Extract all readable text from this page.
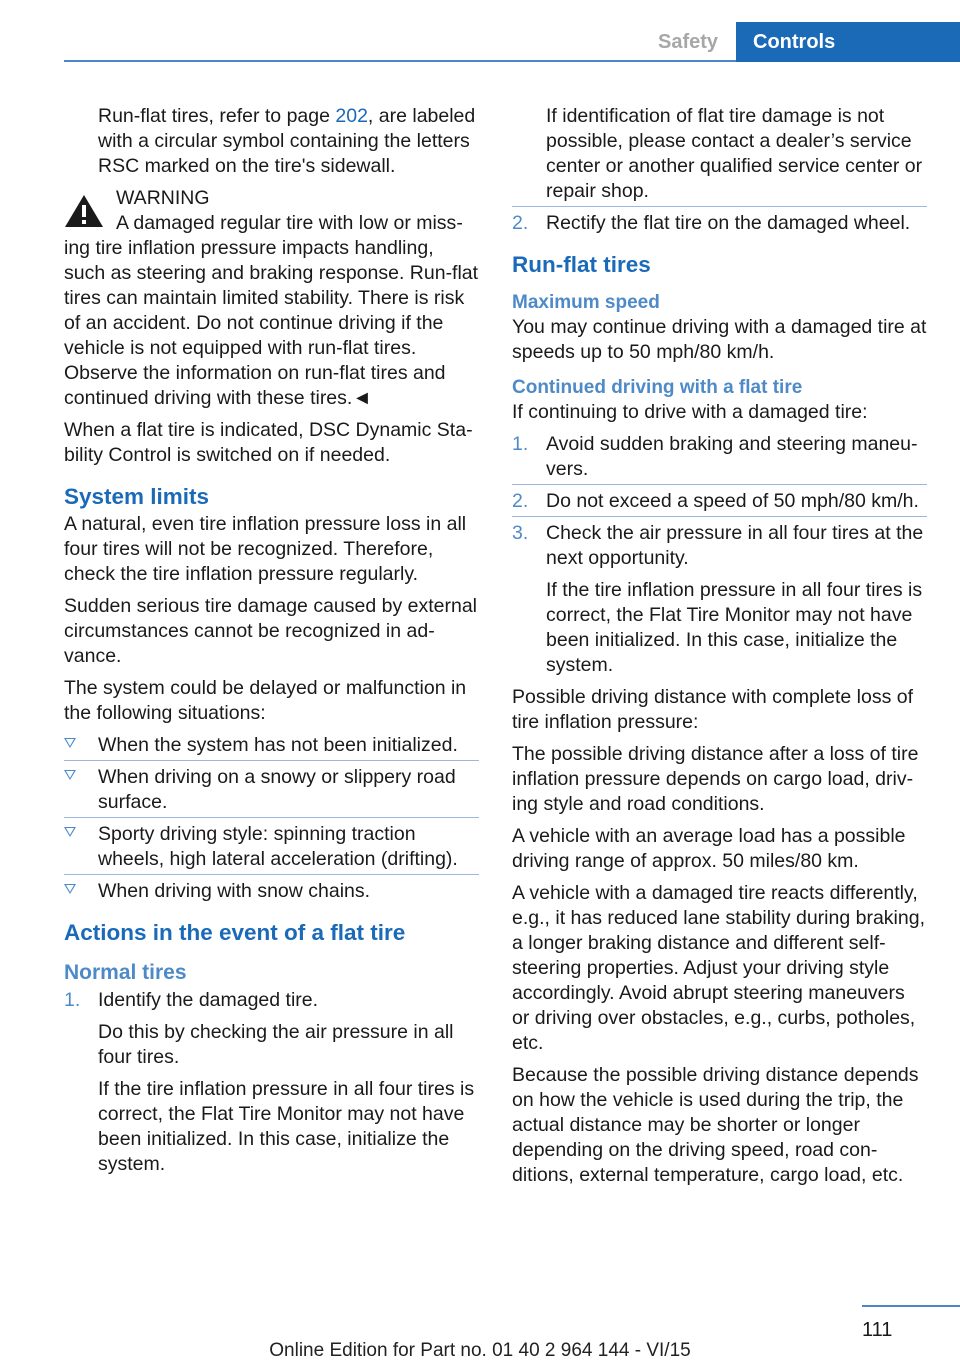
Safety	Controls

Run-flat tires, refer to page 202, are labeled with a circular symbol containing the letters RSC marked on the tire's sidewall.

WARNING

A damaged regular tire with low or missing tire inflation pressure impacts handling, such as steering and braking response. Run-flat tires can maintain limited stability. There is risk of an accident. Do not continue driving if the vehicle is not equipped with run-flat tires. Observe the information on run-flat tires and continued driving with these tires.◄

When a flat tire is indicated, DSC Dynamic Stability Control is switched on if needed.

System limits

A natural, even tire inflation pressure loss in all four tires will not be recognized. Therefore, check the tire inflation pressure regularly.

Sudden serious tire damage caused by external circumstances cannot be recognized in advance.

The system could be delayed or malfunction in the following situations:

When the system has not been initialized.
When driving on a snowy or slippery road surface.
Sporty driving style: spinning traction wheels, high lateral acceleration (drifting).
When driving with snow chains.
Actions in the event of a flat tire
Normal tires
1. Identify the damaged tire.

Do this by checking the air pressure in all four tires.

If the tire inflation pressure in all four tires is correct, the Flat Tire Monitor may not have been initialized. In this case, initialize the system.

If identification of flat tire damage is not possible, please contact a dealer’s service center or another qualified service center or repair shop.

2. Rectify the flat tire on the damaged wheel.

Run-flat tires
Maximum speed

You may continue driving with a damaged tire at speeds up to 50 mph/80 km/h.

Continued driving with a flat tire

If continuing to drive with a damaged tire:

1. Avoid sudden braking and steering maneuvers.

2. Do not exceed a speed of 50 mph/80 km/h.

3. Check the air pressure in all four tires at the next opportunity.

If the tire inflation pressure in all four tires is correct, the Flat Tire Monitor may not have been initialized. In this case, initialize the system.

Possible driving distance with complete loss of tire inflation pressure:

The possible driving distance after a loss of tire inflation pressure depends on cargo load, driving style and road conditions.

A vehicle with an average load has a possible driving range of approx. 50 miles/80 km.

A vehicle with a damaged tire reacts differently, e.g., it has reduced lane stability during braking, a longer braking distance and different self-steering properties. Adjust your driving style accordingly. Avoid abrupt steering maneuvers or driving over obstacles, e.g., curbs, potholes, etc.

Because the possible driving distance depends on how the vehicle is used during the trip, the actual distance may be shorter or longer depending on the driving speed, road conditions, external temperature, cargo load, etc.

111
Online Edition for Part no. 01 40 2 964 144 - VI/15
